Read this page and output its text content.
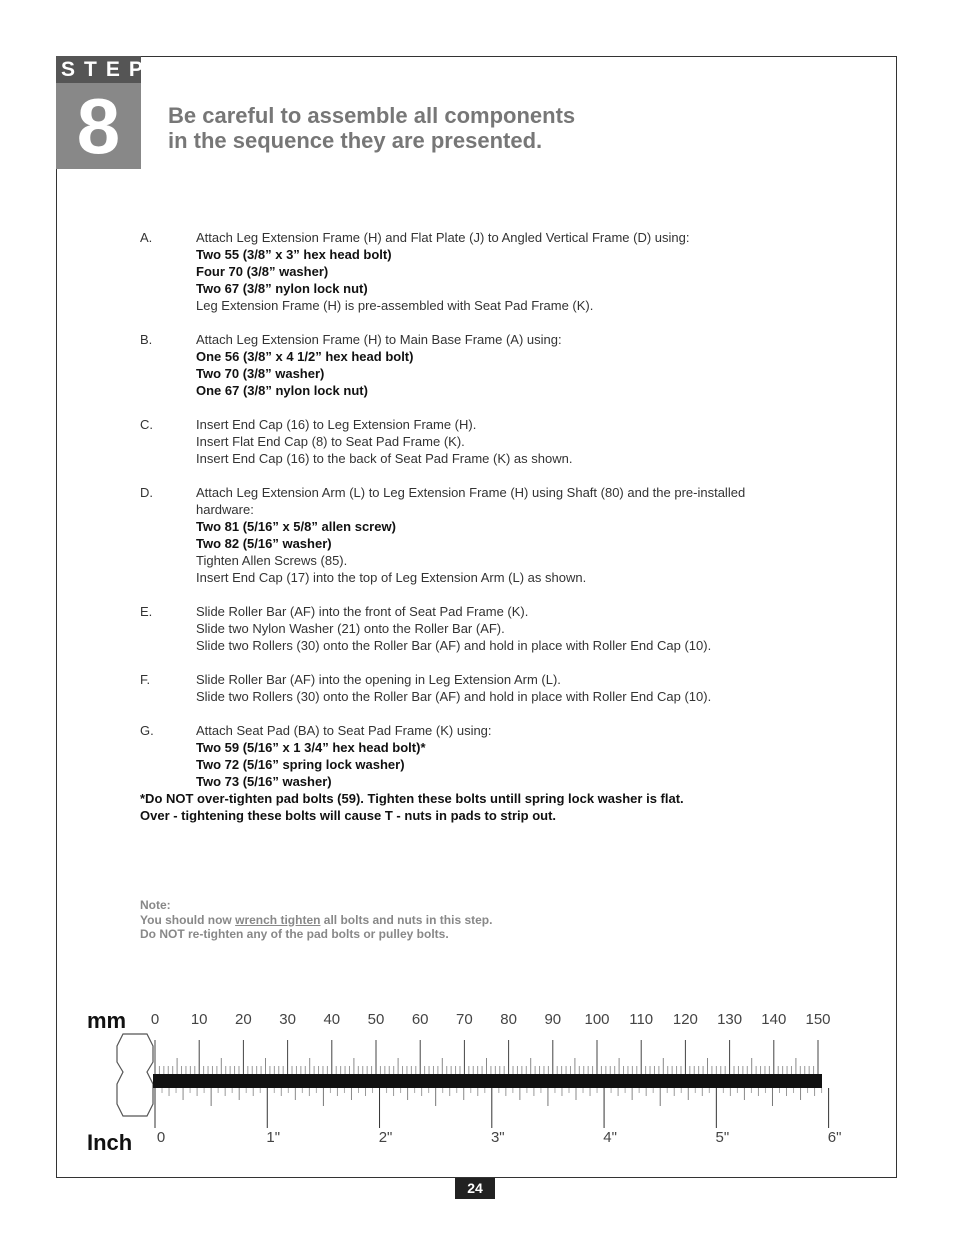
STEP
8	Be careful to assemble all components
in the sequence they are presented.
A.	Attach Leg Extension Frame (H) and Flat Plate (J) to Angled Vertical Frame (D) using:
Two 55 (3/8” x 3” hex head bolt)
Four 70 (3/8” washer)
Two 67 (3/8” nylon lock nut)
Leg Extension Frame (H) is pre-assembled with Seat Pad Frame (K).
B.	Attach Leg Extension Frame (H) to Main Base Frame (A) using:
One 56 (3/8” x 4 1/2” hex head bolt)
Two 70 (3/8” washer)
One 67 (3/8” nylon lock nut)
C.	Insert End Cap (16) to Leg Extension Frame (H).
Insert Flat End Cap (8) to Seat Pad Frame (K).
Insert End Cap (16) to the back of Seat Pad Frame (K) as shown.
D.	Attach Leg Extension Arm (L) to Leg Extension Frame (H) using Shaft (80) and the pre-installed
hardware:
Two 81 (5/16” x 5/8” allen screw)
Two 82 (5/16” washer)
Tighten Allen Screws (85).
Insert End Cap (17) into the top of Leg Extension Arm (L) as shown.
E.	Slide Roller Bar (AF) into the front of Seat Pad Frame (K).
Slide two Nylon Washer (21) onto the Roller Bar (AF).
Slide two Rollers (30) onto the Roller Bar (AF) and hold in place with Roller End Cap (10).
F.	Slide Roller Bar (AF) into the opening in Leg Extension Arm (L).
Slide two Rollers (30) onto the Roller Bar (AF) and hold in place with Roller End Cap (10).
G.	Attach Seat Pad (BA) to Seat Pad Frame (K) using:
Two 59 (5/16” x 1 3/4” hex head bolt)*
Two 72 (5/16” spring lock washer)
Two 73 (5/16” washer)
*Do NOT over-tighten pad bolts (59). Tighten these bolts untill spring lock washer is flat.
Over - tightening these bolts will cause T - nuts in pads to strip out.
Note:
You should now wrench tighten all bolts and nuts in this step.
Do NOT re-tighten any of the pad bolts or pulley bolts.
mm
Inch
0 10 20 30 40 50 60 70 80 90 100 110 120 130 140 150
0	1"	2"	3"	4"	5"	6"
24
